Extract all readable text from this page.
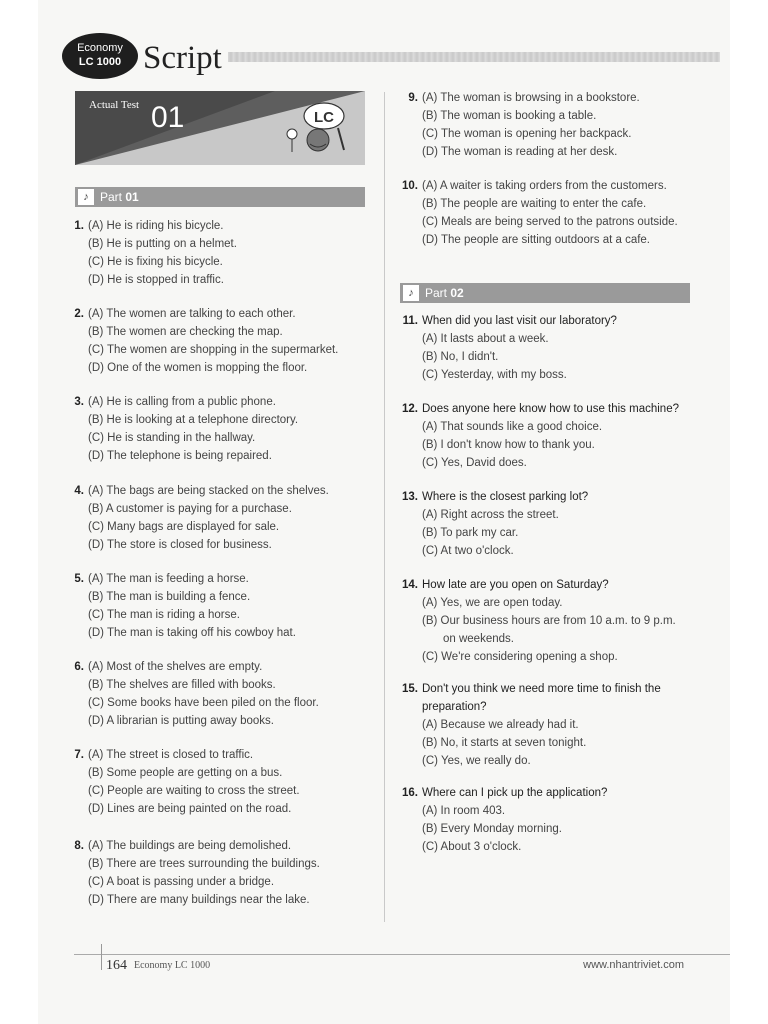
Economy
LC 1000 Script
Actual Test 01	LC
♪ Part 01
1. (A) He is riding his bicycle.
(B) He is putting on a helmet.
(C) He is fixing his bicycle.
(D) He is stopped in traffic.
2. (A) The women are talking to each other.
(B) The women are checking the map.
(C) The women are shopping in the supermarket.
(D) One of the women is mopping the floor.
3. (A) He is calling from a public phone.
(B) He is looking at a telephone directory.
(C) He is standing in the hallway.
(D) The telephone is being repaired.
4. (A) The bags are being stacked on the shelves.
(B) A customer is paying for a purchase.
(C) Many bags are displayed for sale.
(D) The store is closed for business.
5. (A) The man is feeding a horse.
(B) The man is building a fence.
(C) The man is riding a horse.
(D) The man is taking off his cowboy hat.
6. (A) Most of the shelves are empty.
(B) The shelves are filled with books.
(C) Some books have been piled on the floor.
(D) A librarian is putting away books.
7. (A) The street is closed to traffic.
(B) Some people are getting on a bus.
(C) People are waiting to cross the street.
(D) Lines are being painted on the road.
8. (A) The buildings are being demolished.
(B) There are trees surrounding the buildings.
(C) A boat is passing under a bridge.
(D) There are many buildings near the lake.
9. (A) The woman is browsing in a bookstore.
(B) The woman is booking a table.
(C) The woman is opening her backpack.
(D) The woman is reading at her desk.
10. (A) A waiter is taking orders from the customers.
(B) The people are waiting to enter the cafe.
(C) Meals are being served to the patrons outside.
(D) The people are sitting outdoors at a cafe.
♪ Part 02
11. When did you last visit our laboratory?
(A) It lasts about a week.
(B) No, I didn't.
(C) Yesterday, with my boss.
12. Does anyone here know how to use this machine?
(A) That sounds like a good choice.
(B) I don't know how to thank you.
(C) Yes, David does.
13. Where is the closest parking lot?
(A) Right across the street.
(B) To park my car.
(C) At two o'clock.
14. How late are you open on Saturday?
(A) Yes, we are open today.
(B) Our business hours are from 10 a.m. to 9 p.m.
on weekends.
(C) We're considering opening a shop.
15. Don't you think we need more time to finish the
preparation?
(A) Because we already had it.
(B) No, it starts at seven tonight.
(C) Yes, we really do.
16. Where can I pick up the application?
(A) In room 403.
(B) Every Monday morning.
(C) About 3 o'clock.
164 Economy LC 1000	www.nhantriviet.com
